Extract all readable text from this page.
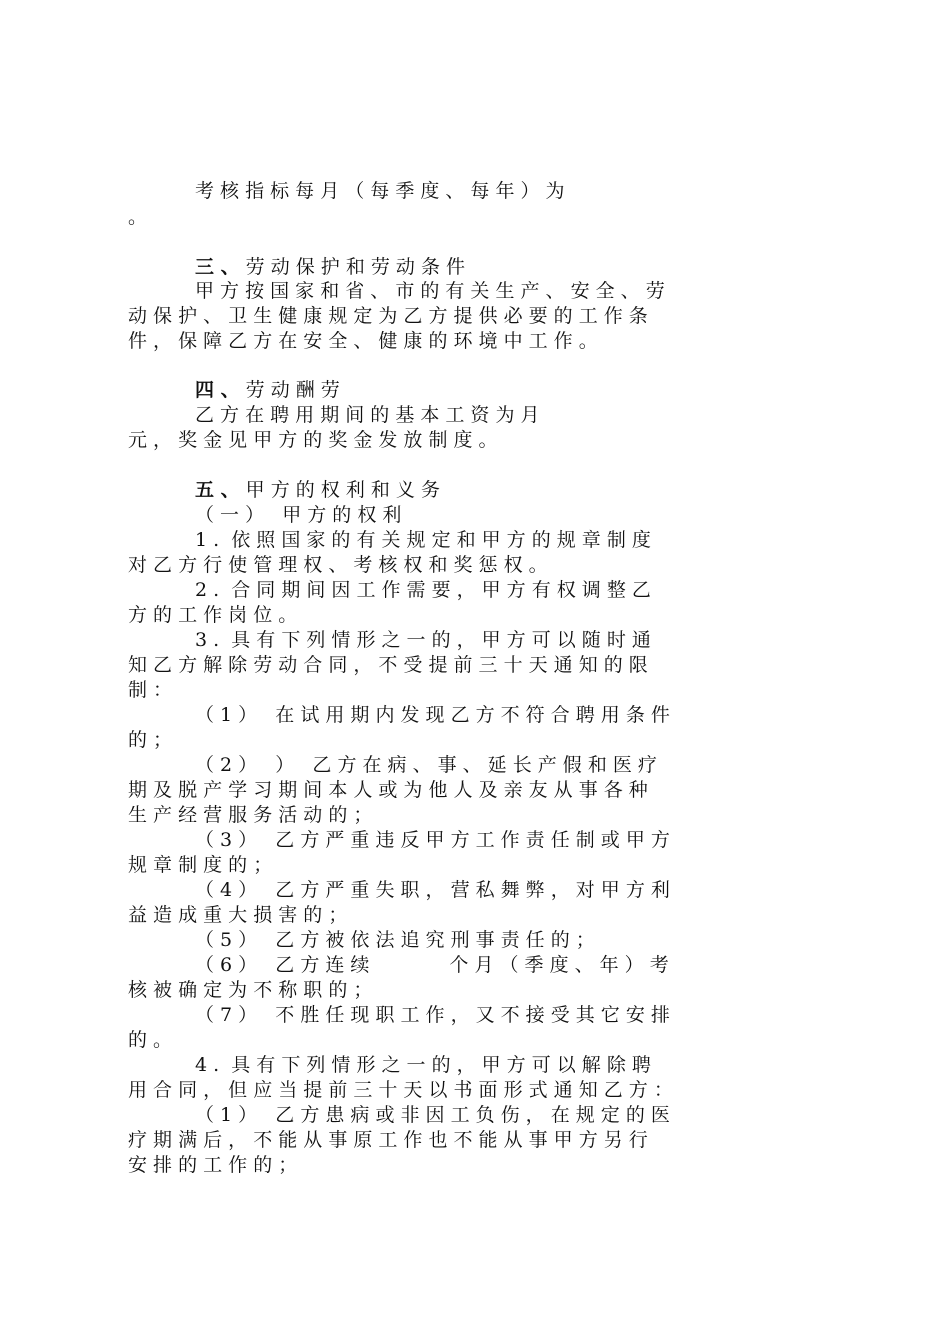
考 核 指 标 每 月 （ 每 季 度 、 每 年 ） 为
。
三 、 劳 动 保 护 和 劳 动 条 件
甲 方 按 国 家 和 省 、 市 的 有 关 生 产 、 安 全 、 劳
动 保 护 、 卫 生 健 康 规 定 为 乙 方 提 供 必 要 的 工 作 条
件 ， 保 障 乙 方 在 安 全 、 健 康 的 环 境 中 工 作 。
四 、 劳 动 酬 劳
乙 方 在 聘 用 期 间 的 基 本 工 资 为 月
元 ， 奖 金 见 甲 方 的 奖 金 发 放 制 度 。
五 、 甲 方 的 权 利 和 义 务
（ 一 ）   甲 方 的 权 利
1 .  依 照 国 家 的 有 关 规 定 和 甲 方 的 规 章 制 度
对 乙 方 行 使 管 理 权 、 考 核 权 和 奖 惩 权 。
2 .  合 同 期 间 因 工 作 需 要 ， 甲 方 有 权 调 整 乙
方 的 工 作 岗 位 。
3 .  具 有 下 列 情 形 之 一 的 ， 甲 方 可 以 随 时 通
知 乙 方 解 除 劳 动 合 同 ， 不 受 提 前 三 十 天 通 知 的 限
制 ：
（ 1 ）   在 试 用 期 内 发 现 乙 方 不 符 合 聘 用 条 件
的 ；
（ 2 ）   ）   乙 方 在 病 、 事 、 延 长 产 假 和 医 疗
期 及 脱 产 学 习 期 间 本 人 或 为 他 人 及 亲 友 从 事 各 种
生 产 经 营 服 务 活 动 的 ；
（ 3 ）   乙 方 严 重 违 反 甲 方 工 作 责 任 制 或 甲 方
规 章 制 度 的 ；
（ 4 ）   乙 方 严 重 失 职 ， 营 私 舞 弊 ， 对 甲 方 利
益 造 成 重 大 损 害 的 ；
（ 5 ）   乙 方 被 依 法 追 究 刑 事 责 任 的 ；
（ 6 ）   乙 方 连 续	个 月 （ 季 度 、 年 ） 考
核 被 确 定 为 不 称 职 的 ；
（ 7 ）   不 胜 任 现 职 工 作 ， 又 不 接 受 其 它 安 排
的 。
4 .  具 有 下 列 情 形 之 一 的 ， 甲 方 可 以 解 除 聘
用 合 同 ， 但 应 当 提 前 三 十 天 以 书 面 形 式 通 知 乙 方 ：
（ 1 ）   乙 方 患 病 或 非 因 工 负 伤 ， 在 规 定 的 医
疗 期 满 后 ， 不 能 从 事 原 工 作 也 不 能 从 事 甲 方 另 行
安 排 的 工 作 的 ；
